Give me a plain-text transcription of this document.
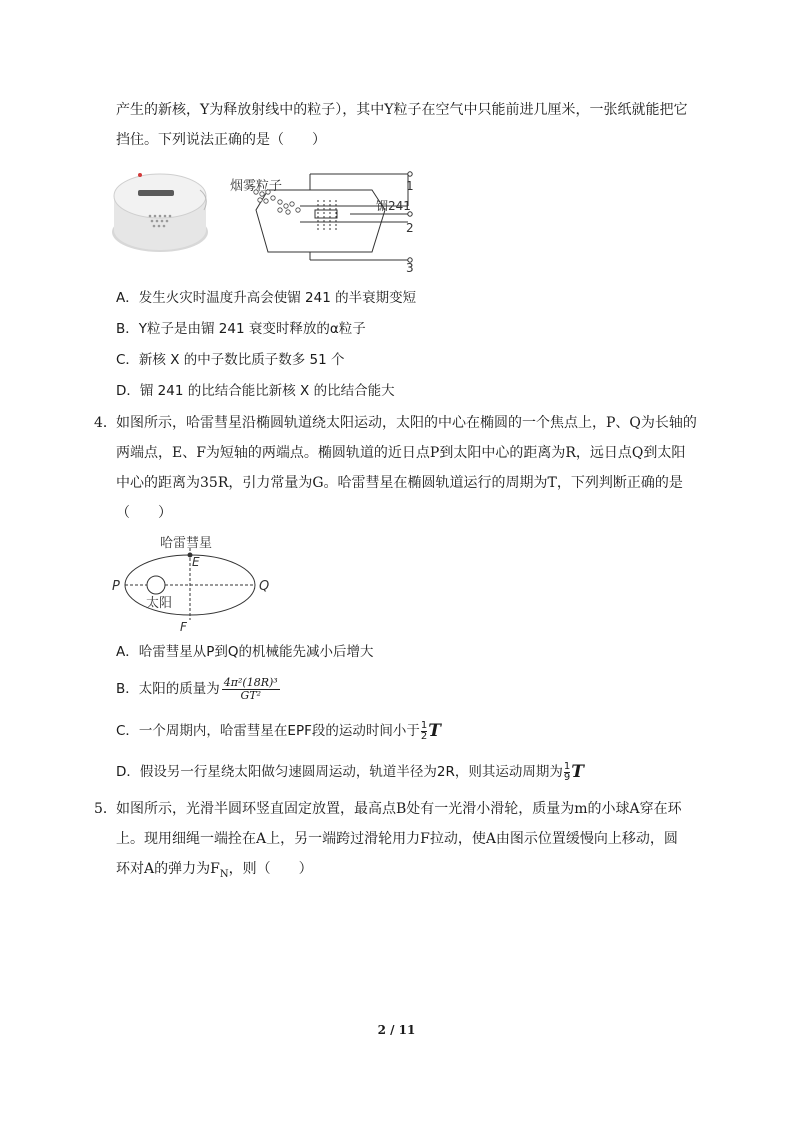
产生的新核，Y为释放射线中的粒子），其中Y粒子在空气中只能前进几厘米，一张纸就能把它
挡住。下列说法正确的是（　　）
烟雾粒子
镅241
1
2
3
A．发生火灾时温度升高会使镅 241 的半衰期变短
B．Y粒子是由镅 241 衰变时释放的α粒子
C．新核 X 的中子数比质子数多 51 个
D．镅 241 的比结合能比新核 X 的比结合能大
4． 如图所示，哈雷彗星沿椭圆轨道绕太阳运动，太阳的中心在椭圆的一个焦点上，P、Q为长轴的
两端点，E、F为短轴的两端点。椭圆轨道的近日点P到太阳中心的距离为R，远日点Q到太阳
中心的距离为35R，引力常量为G。哈雷彗星在椭圆轨道运行的周期为T，下列判断正确的是
（　　）
哈雷彗星
E
P	Q
太阳
F
A．哈雷彗星从P到Q的机械能先减小后增大
B．太阳的质量为 $\frac{\text{4π²(18R)³}}{\text{GT²}}$
C．一个周期内，哈雷彗星在EPF段的运动时间小于 $\frac{1}{2}T$
D．假设另一行星绕太阳做匀速圆周运动，轨道半径为2R，则其运动周期为 $\frac{1}{9}T$
5． 如图所示，光滑半圆环竖直固定放置，最高点B处有一光滑小滑轮，质量为m的小球A穿在环
上。现用细绳一端拴在A上，另一端跨过滑轮用力F拉动，使A由图示位置缓慢向上移动，圆
环对A的弹力为$F_N$，则（　　）
2 / 11
